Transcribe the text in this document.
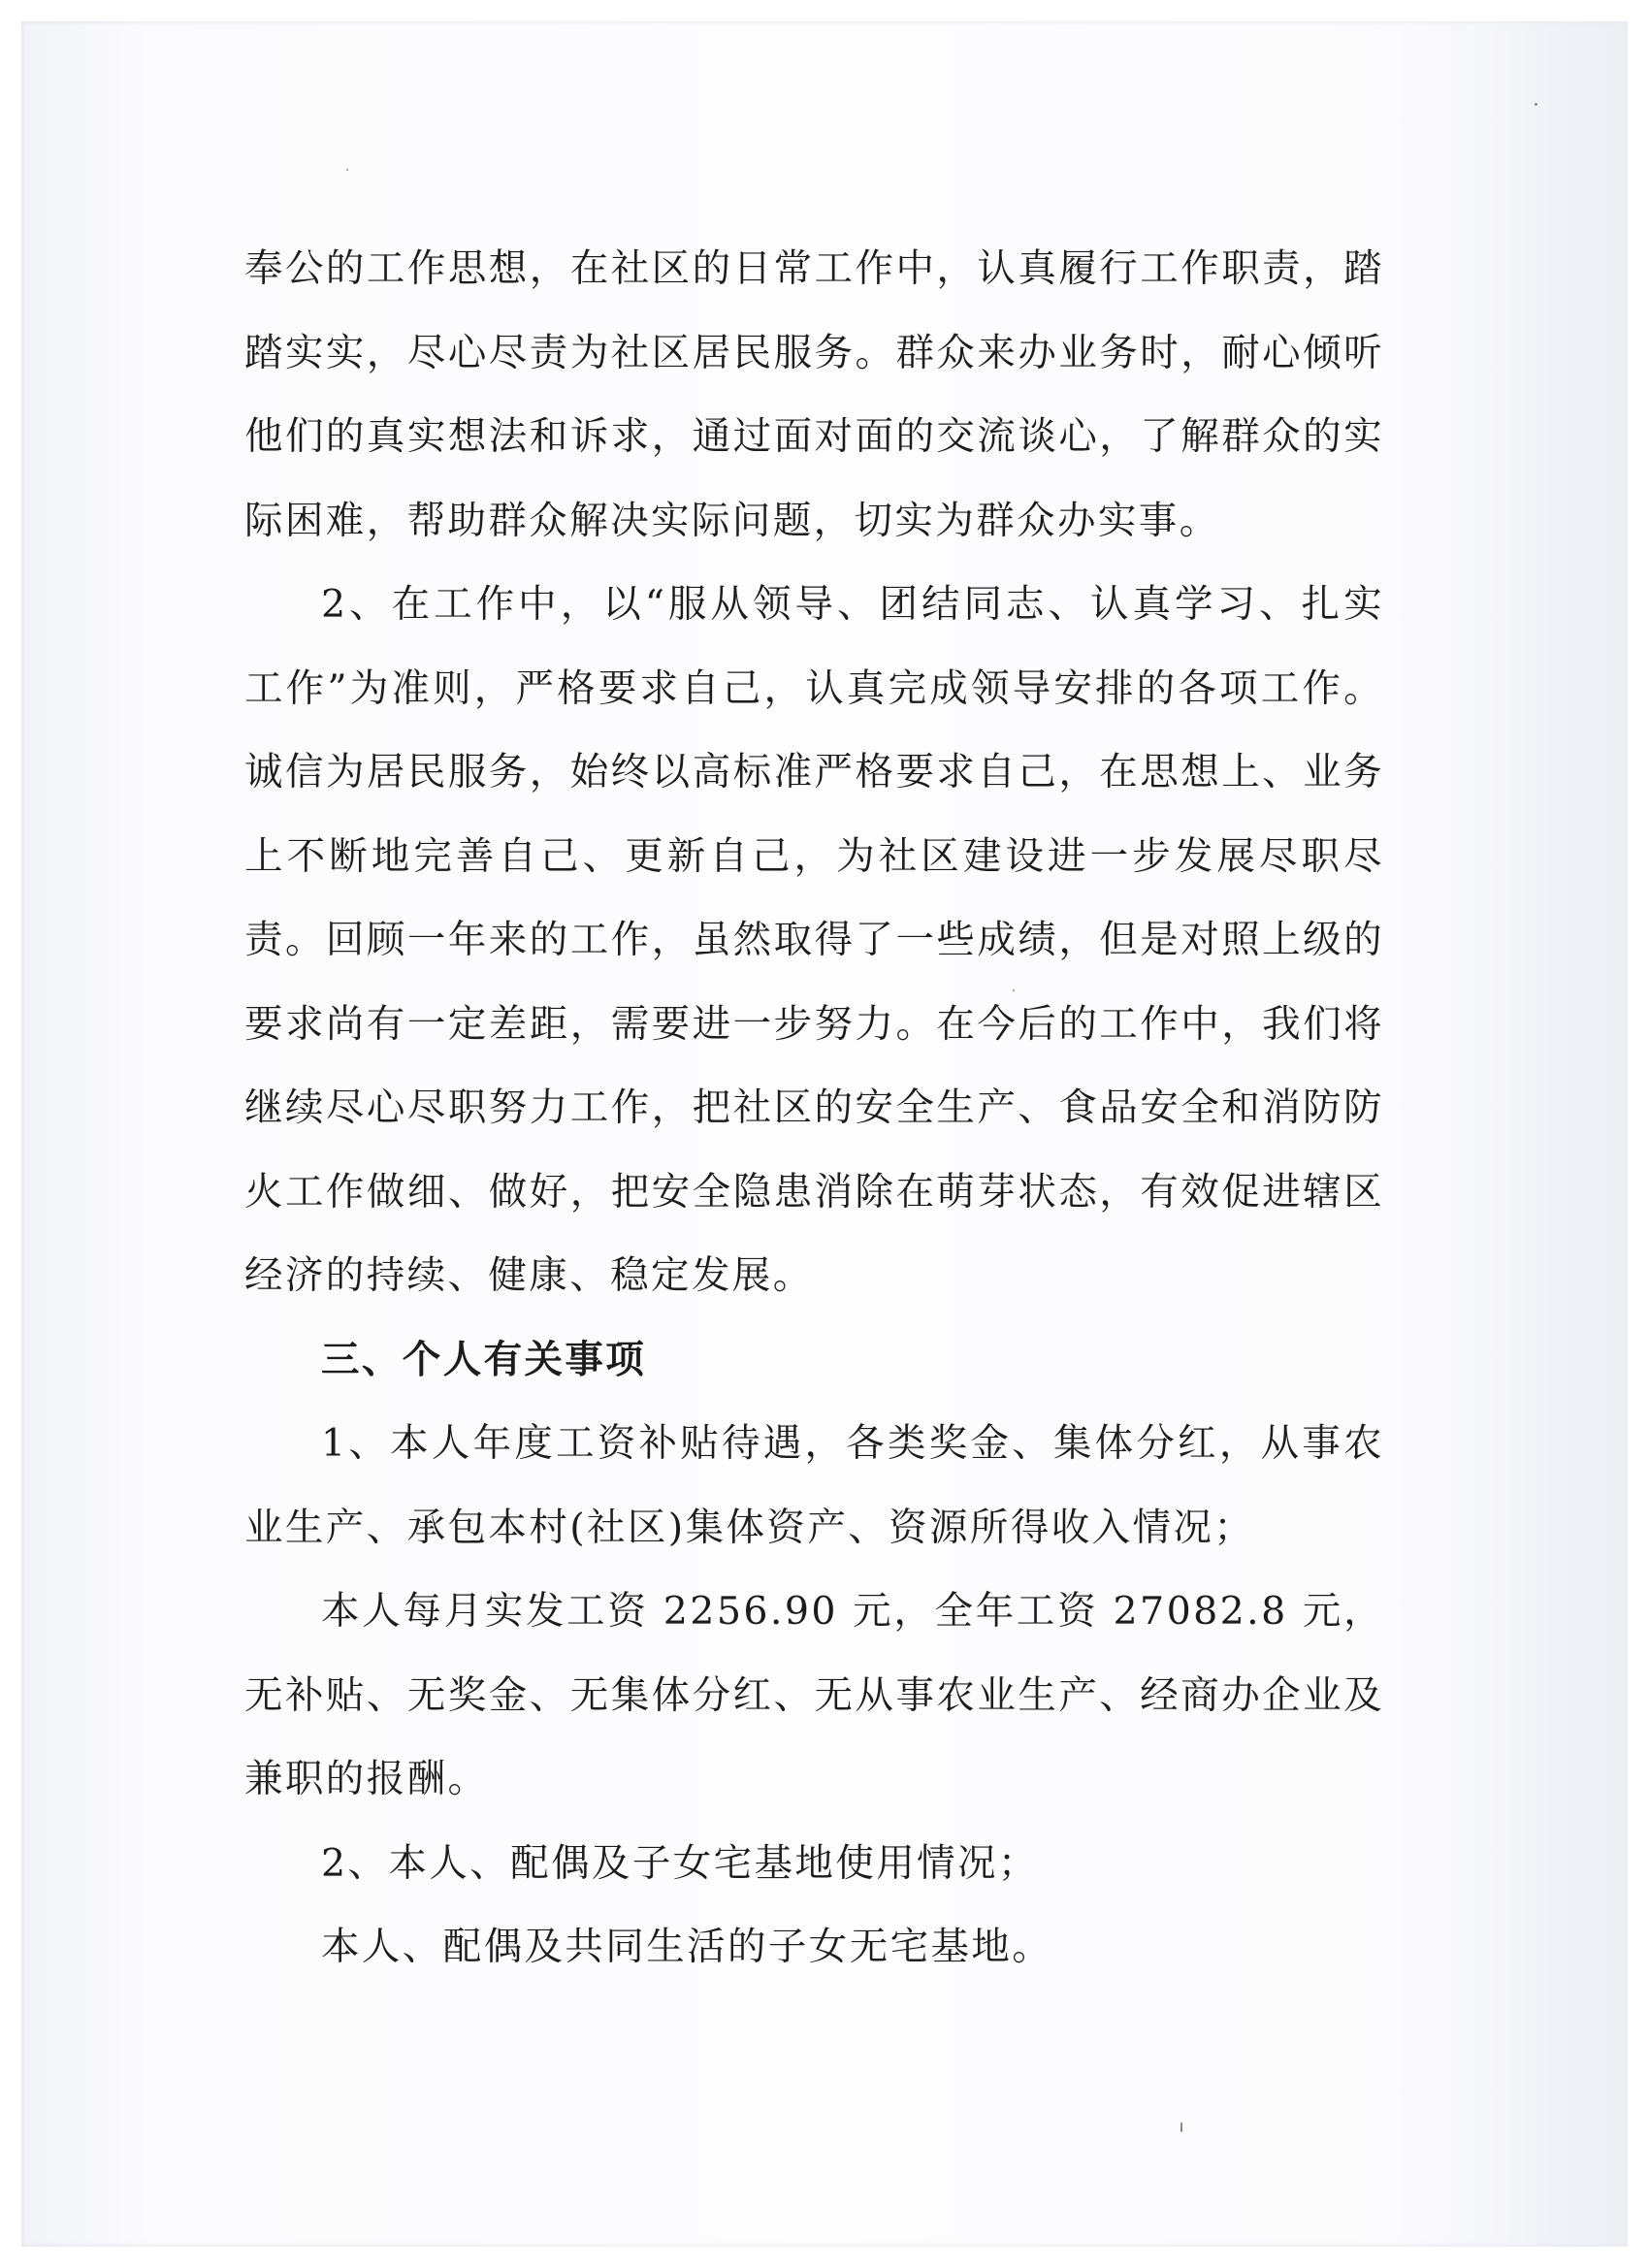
奉公的工作思想，在社区的日常工作中，认真履行工作职责，踏踏实实，尽心尽责为社区居民服务。群众来办业务时，耐心倾听他们的真实想法和诉求，通过面对面的交流谈心，了解群众的实际困难，帮助群众解决实际问题，切实为群众办实事。

2、在工作中，以“服从领导、团结同志、认真学习、扎实工作”为准则，严格要求自己，认真完成领导安排的各项工作。诚信为居民服务，始终以高标准严格要求自己，在思想上、业务上不断地完善自己、更新自己，为社区建设进一步发展尽职尽责。回顾一年来的工作，虽然取得了一些成绩，但是对照上级的要求尚有一定差距，需要进一步努力。在今后的工作中，我们将继续尽心尽职努力工作，把社区的安全生产、食品安全和消防防火工作做细、做好，把安全隐患消除在萌芽状态，有效促进辖区经济的持续、健康、稳定发展。

三、个人有关事项

1、本人年度工资补贴待遇，各类奖金、集体分红，从事农业生产、承包本村(社区)集体资产、资源所得收入情况；

本人每月实发工资 2256.90 元，全年工资 27082.8 元，无补贴、无奖金、无集体分红、无从事农业生产、经商办企业及兼职的报酬。

2、本人、配偶及子女宅基地使用情况；

本人、配偶及共同生活的子女无宅基地。
